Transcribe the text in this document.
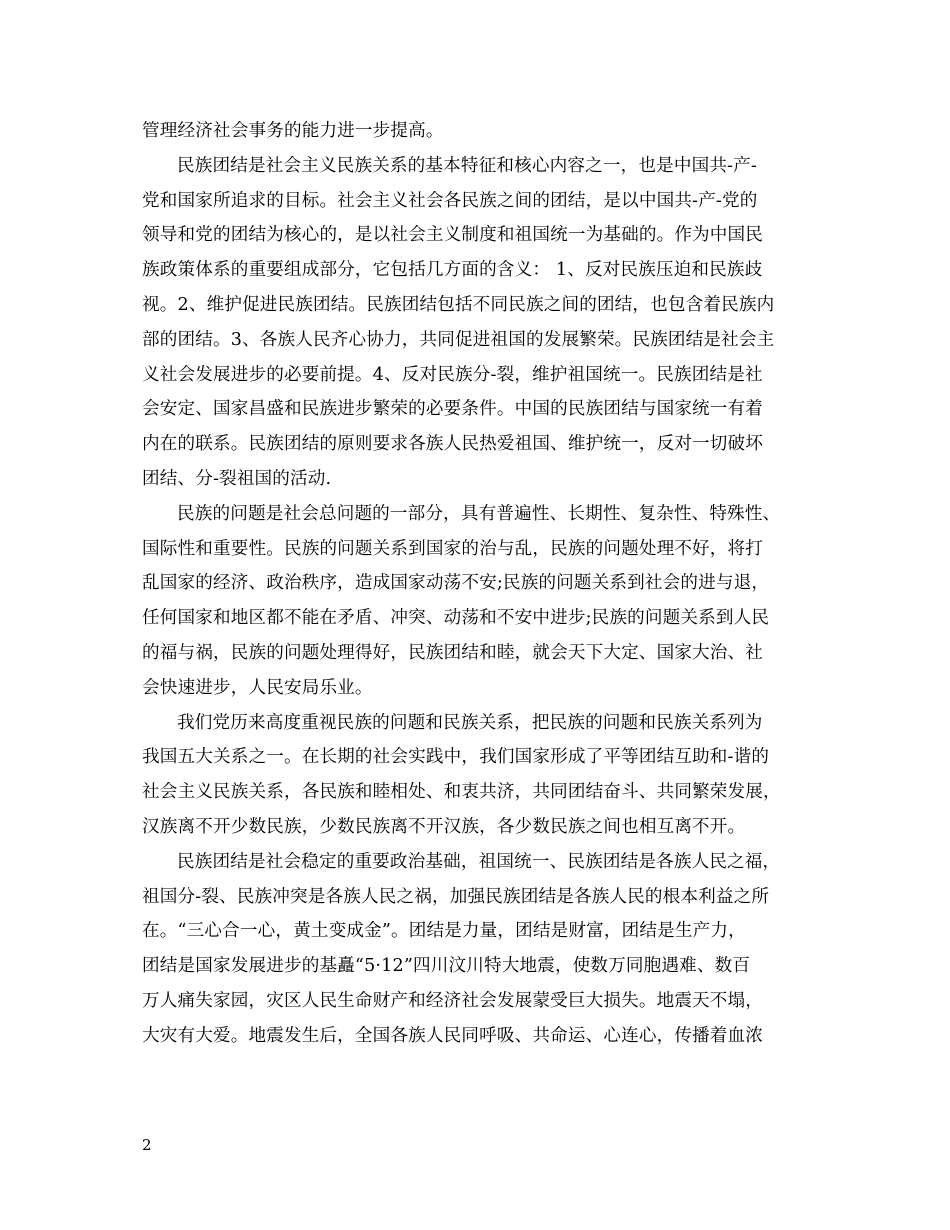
管理经济社会事务的能力进一步提高。
民族团结是社会主义民族关系的基本特征和核心内容之一，也是中国共-产-
党和国家所追求的目标。社会主义社会各民族之间的团结，是以中国共-产-党的
领导和党的团结为核心的，是以社会主义制度和祖国统一为基础的。作为中国民
族政策体系的重要组成部分，它包括几方面的含义： 1、反对民族压迫和民族歧
视。2、维护促进民族团结。民族团结包括不同民族之间的团结，也包含着民族内
部的团结。3、各族人民齐心协力，共同促进祖国的发展繁荣。民族团结是社会主
义社会发展进步的必要前提。4、反对民族分-裂，维护祖国统一。民族团结是社
会安定、国家昌盛和民族进步繁荣的必要条件。中国的民族团结与国家统一有着
内在的联系。民族团结的原则要求各族人民热爱祖国、维护统一，反对一切破坏
团结、分-裂祖国的活动.
民族的问题是社会总问题的一部分，具有普遍性、长期性、复杂性、特殊性、
国际性和重要性。民族的问题关系到国家的治与乱，民族的问题处理不好，将打
乱国家的经济、政治秩序，造成国家动荡不安;民族的问题关系到社会的进与退，
任何国家和地区都不能在矛盾、冲突、动荡和不安中进步;民族的问题关系到人民
的福与祸，民族的问题处理得好，民族团结和睦，就会天下大定、国家大治、社
会快速进步，人民安局乐业。
我们党历来高度重视民族的问题和民族关系，把民族的问题和民族关系列为
我国五大关系之一。在长期的社会实践中，我们国家形成了平等团结互助和-谐的
社会主义民族关系，各民族和睦相处、和衷共济，共同团结奋斗、共同繁荣发展，
汉族离不开少数民族，少数民族离不开汉族，各少数民族之间也相互离不开。
民族团结是社会稳定的重要政治基础，祖国统一、民族团结是各族人民之福，
祖国分-裂、民族冲突是各族人民之祸，加强民族团结是各族人民的根本利益之所
在。“三心合一心，黄土变成金”。团结是力量，团结是财富，团结是生产力，
团结是国家发展进步的基矗“5·12”四川汶川特大地震，使数万同胞遇难、数百
万人痛失家园，灾区人民生命财产和经济社会发展蒙受巨大损失。地震天不塌，
大灾有大爱。地震发生后，全国各族人民同呼吸、共命运、心连心，传播着血浓
2
